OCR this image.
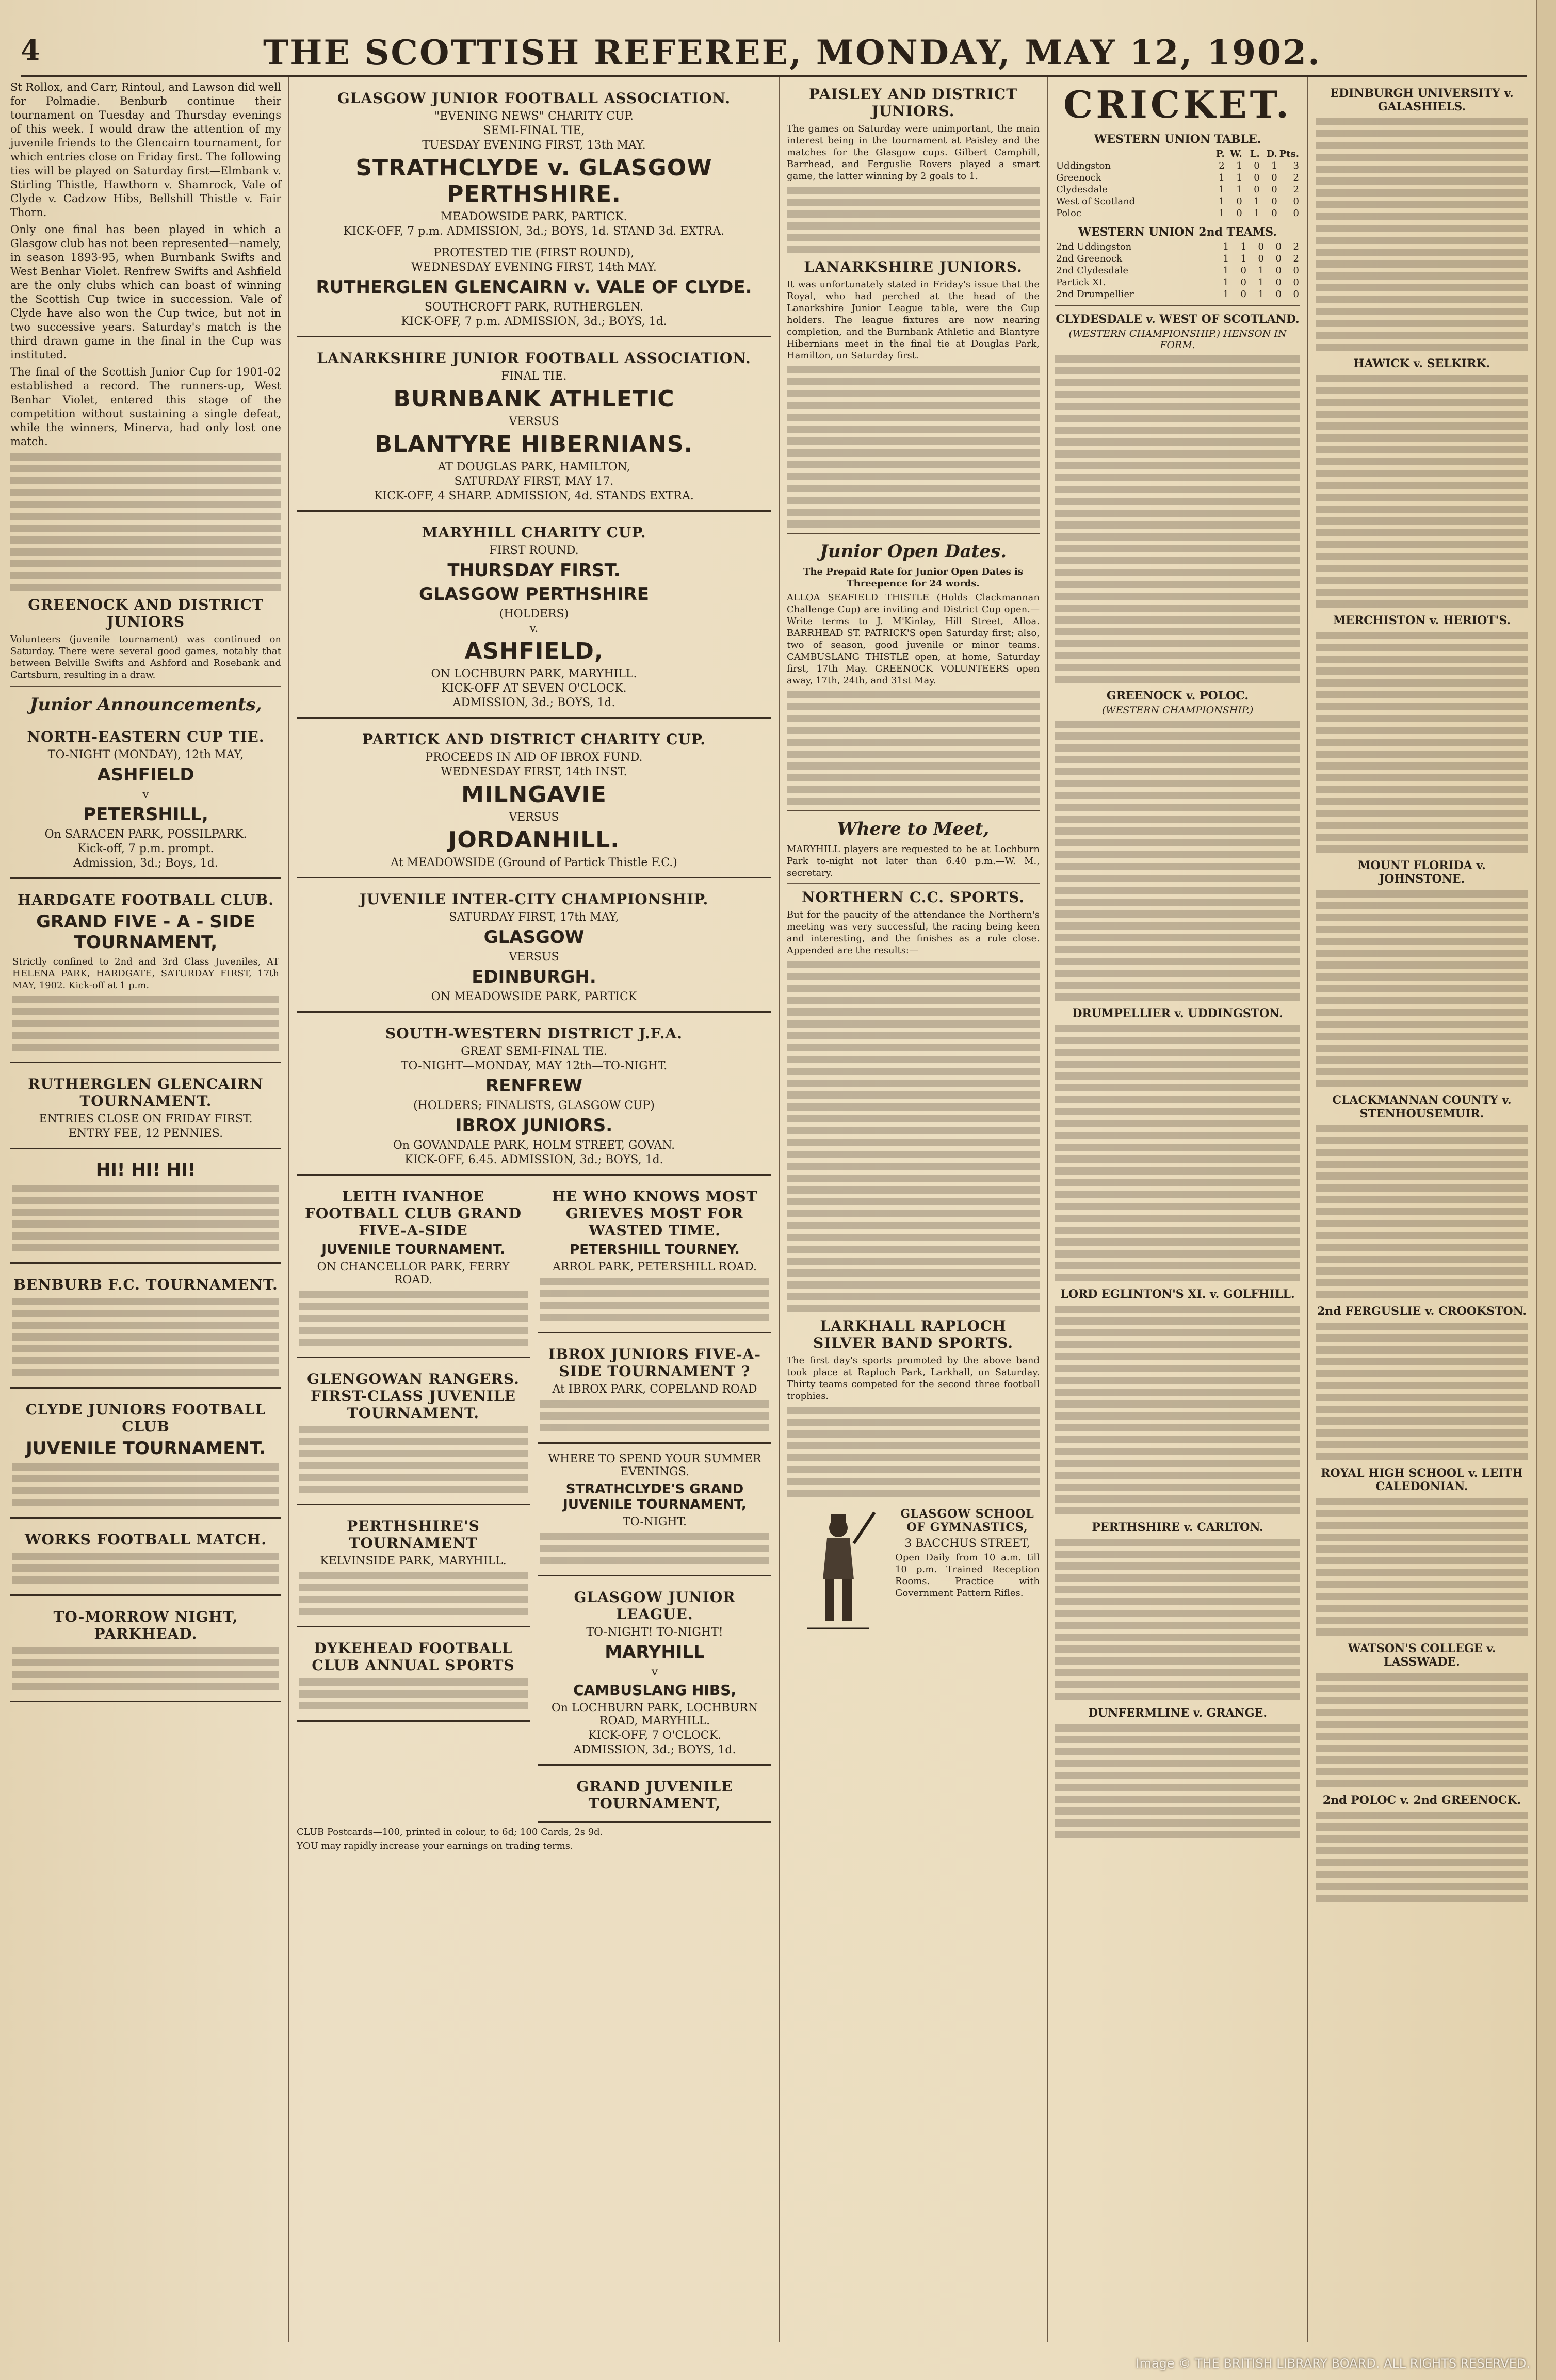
4	THE SCOTTISH REFEREE, MONDAY, MAY 12, 1902.

St Rollox, and Carr, Rintoul, and Lawson did well for Polmadie. Benburb continue their tournament on Tuesday and Thursday evenings of this week. I would draw the attention of my juvenile friends to the Glencairn tournament, for which entries close on Friday first. The following ties will be played on Saturday first—Elmbank v. Stirling Thistle, Hawthorn v. Shamrock, Vale of Clyde v. Cadzow Hibs, Bellshill Thistle v. Fair Thorn.

Only one final has been played in which a Glasgow club has not been represented—namely, in season 1893-95, when Burnbank Swifts and West Benhar Violet. Renfrew Swifts and Ashfield are the only clubs which can boast of winning the Scottish Cup twice in succession. Vale of Clyde have also won the Cup twice, but not in two successive years. Saturday's match is the third drawn game in the final in the Cup was instituted.

The final of the Scottish Junior Cup for 1901-02 established a record. The runners-up, West Benhar Violet, entered this stage of the competition without sustaining a single defeat, while the winners, Minerva, had only lost one match.

GREENOCK AND DISTRICT JUNIORS

Volunteers (juvenile tournament) was continued on Saturday. There were several good games, notably that between Belville Swifts and Ashford and Rosebank and Cartsburn, resulting in a draw.

Junior Announcements,
NORTH-EASTERN CUP TIE.
TO-NIGHT (MONDAY), 12th MAY,
ASHFIELD
v
PETERSHILL,
On SARACEN PARK, POSSILPARK.
Kick-off, 7 p.m. prompt.
Admission, 3d.; Boys, 1d.
HARDGATE FOOTBALL CLUB.
GRAND FIVE - A - SIDE TOURNAMENT,

Strictly confined to 2nd and 3rd Class Juveniles, AT HELENA PARK, HARDGATE, SATURDAY FIRST, 17th MAY, 1902. Kick-off at 1 p.m.

RUTHERGLEN GLENCAIRN TOURNAMENT.
ENTRIES CLOSE ON FRIDAY FIRST.
ENTRY FEE, 12 PENNIES.
HI! HI! HI!
BENBURB F.C. TOURNAMENT.
CLYDE JUNIORS FOOTBALL CLUB
JUVENILE TOURNAMENT.
WORKS FOOTBALL MATCH.
TO-MORROW NIGHT, PARKHEAD.
GLASGOW JUNIOR FOOTBALL ASSOCIATION.
"EVENING NEWS" CHARITY CUP.
SEMI-FINAL TIE,
TUESDAY EVENING FIRST, 13th MAY.
STRATHCLYDE v. GLASGOW PERTHSHIRE.
MEADOWSIDE PARK, PARTICK.
KICK-OFF, 7 p.m. ADMISSION, 3d.; BOYS, 1d. STAND 3d. EXTRA.
PROTESTED TIE (FIRST ROUND),
WEDNESDAY EVENING FIRST, 14th MAY.
RUTHERGLEN GLENCAIRN v. VALE OF CLYDE.
SOUTHCROFT PARK, RUTHERGLEN.
KICK-OFF, 7 p.m. ADMISSION, 3d.; BOYS, 1d.
LANARKSHIRE JUNIOR FOOTBALL ASSOCIATION.
FINAL TIE.
BURNBANK ATHLETIC
VERSUS
BLANTYRE HIBERNIANS.
AT DOUGLAS PARK, HAMILTON,
SATURDAY FIRST, MAY 17.
KICK-OFF, 4 SHARP. ADMISSION, 4d. STANDS EXTRA.
MARYHILL CHARITY CUP.
FIRST ROUND.
THURSDAY FIRST.
GLASGOW PERTHSHIRE
(HOLDERS)
v.
ASHFIELD,
ON LOCHBURN PARK, MARYHILL.
KICK-OFF AT SEVEN O'CLOCK.
ADMISSION, 3d.; BOYS, 1d.
PARTICK AND DISTRICT CHARITY CUP.
PROCEEDS IN AID OF IBROX FUND.
WEDNESDAY FIRST, 14th INST.
MILNGAVIE
VERSUS
JORDANHILL.
At MEADOWSIDE (Ground of Partick Thistle F.C.)
JUVENILE INTER-CITY CHAMPIONSHIP.
SATURDAY FIRST, 17th MAY,
GLASGOW
VERSUS
EDINBURGH.
ON MEADOWSIDE PARK, PARTICK
SOUTH-WESTERN DISTRICT J.F.A.
GREAT SEMI-FINAL TIE.
TO-NIGHT—MONDAY, MAY 12th—TO-NIGHT.
RENFREW
(HOLDERS; FINALISTS, GLASGOW CUP)
IBROX JUNIORS.
On GOVANDALE PARK, HOLM STREET, GOVAN.
KICK-OFF, 6.45. ADMISSION, 3d.; BOYS, 1d.
LEITH IVANHOE FOOTBALL CLUB GRAND FIVE-A-SIDE
JUVENILE TOURNAMENT.
ON CHANCELLOR PARK, FERRY ROAD.
GLENGOWAN RANGERS. FIRST-CLASS JUVENILE TOURNAMENT.
PERTHSHIRE'S TOURNAMENT
KELVINSIDE PARK, MARYHILL.
DYKEHEAD FOOTBALL CLUB ANNUAL SPORTS
HE WHO KNOWS MOST GRIEVES MOST FOR WASTED TIME.
PETERSHILL TOURNEY.
ARROL PARK, PETERSHILL ROAD.
IBROX JUNIORS FIVE-A-SIDE TOURNAMENT ?
At IBROX PARK, COPELAND ROAD
WHERE TO SPEND YOUR SUMMER EVENINGS.
STRATHCLYDE'S GRAND JUVENILE TOURNAMENT,
TO-NIGHT.
GLASGOW JUNIOR LEAGUE.
TO-NIGHT! TO-NIGHT!
MARYHILL
v
CAMBUSLANG HIBS,
On LOCHBURN PARK, LOCHBURN ROAD, MARYHILL.
KICK-OFF, 7 O'CLOCK.
ADMISSION, 3d.; BOYS, 1d.
GRAND JUVENILE TOURNAMENT,

CLUB Postcards—100, printed in colour, to 6d; 100 Cards, 2s 9d.

YOU may rapidly increase your earnings on trading terms.

PAISLEY AND DISTRICT JUNIORS.

The games on Saturday were unimportant, the main interest being in the tournament at Paisley and the matches for the Glasgow cups. Gilbert Camphill, Barrhead, and Ferguslie Rovers played a smart game, the latter winning by 2 goals to 1.

LANARKSHIRE JUNIORS.

It was unfortunately stated in Friday's issue that the Royal, who had perched at the head of the Lanarkshire Junior League table, were the Cup holders. The league fixtures are now nearing completion, and the Burnbank Athletic and Blantyre Hibernians meet in the final tie at Douglas Park, Hamilton, on Saturday first.

Junior Open Dates.

The Prepaid Rate for Junior Open Dates is Threepence for 24 words.

ALLOA SEAFIELD THISTLE (Holds Clackmannan Challenge Cup) are inviting and District Cup open.—Write terms to J. M'Kinlay, Hill Street, Alloa. BARRHEAD ST. PATRICK'S open Saturday first; also, two of season, good juvenile or minor teams. CAMBUSLANG THISTLE open, at home, Saturday first, 17th May. GREENOCK VOLUNTEERS open away, 17th, 24th, and 31st May.

Where to Meet,

MARYHILL players are requested to be at Lochburn Park to-night not later than 6.40 p.m.—W. M., secretary.

NORTHERN C.C. SPORTS.

But for the paucity of the attendance the Northern's meeting was very successful, the racing being keen and interesting, and the finishes as a rule close. Appended are the results:—

LARKHALL RAPLOCH SILVER BAND SPORTS.

The first day's sports promoted by the above band took place at Raploch Park, Larkhall, on Saturday. Thirty teams competed for the second three football trophies.

GLASGOW SCHOOL OF GYMNASTICS,
3 BACCHUS STREET,

Open Daily from 10 a.m. till 10 p.m. Trained Reception Rooms. Practice with Government Pattern Rifles.

CRICKET.
WESTERN UNION TABLE.
	P.	W.	L.	D.	Pts.
Uddingston	2	1	0	1	3
Greenock	1	1	0	0	2
Clydesdale	1	1	0	0	2
West of Scotland	1	0	1	0	0
Poloc	1	0	1	0	0
WESTERN UNION 2nd TEAMS.
2nd Uddingston	1	1	0	0	2
2nd Greenock	1	1	0	0	2
2nd Clydesdale	1	0	1	0	0
Partick XI.	1	0	1	0	0
2nd Drumpellier	1	0	1	0	0
CLYDESDALE v. WEST OF SCOTLAND.
(WESTERN CHAMPIONSHIP.) HENSON IN FORM.
GREENOCK v. POLOC.
(WESTERN CHAMPIONSHIP.)
DRUMPELLIER v. UDDINGSTON.
LORD EGLINTON'S XI. v. GOLFHILL.
PERTHSHIRE v. CARLTON.
DUNFERMLINE v. GRANGE.
EDINBURGH UNIVERSITY v. GALASHIELS.
HAWICK v. SELKIRK.
MERCHISTON v. HERIOT'S.
MOUNT FLORIDA v. JOHNSTONE.
CLACKMANNAN COUNTY v. STENHOUSEMUIR.
2nd FERGUSLIE v. CROOKSTON.
ROYAL HIGH SCHOOL v. LEITH CALEDONIAN.
WATSON'S COLLEGE v. LASSWADE.
2nd POLOC v. 2nd GREENOCK.
Image © THE BRITISH LIBRARY BOARD. ALL RIGHTS RESERVED.
